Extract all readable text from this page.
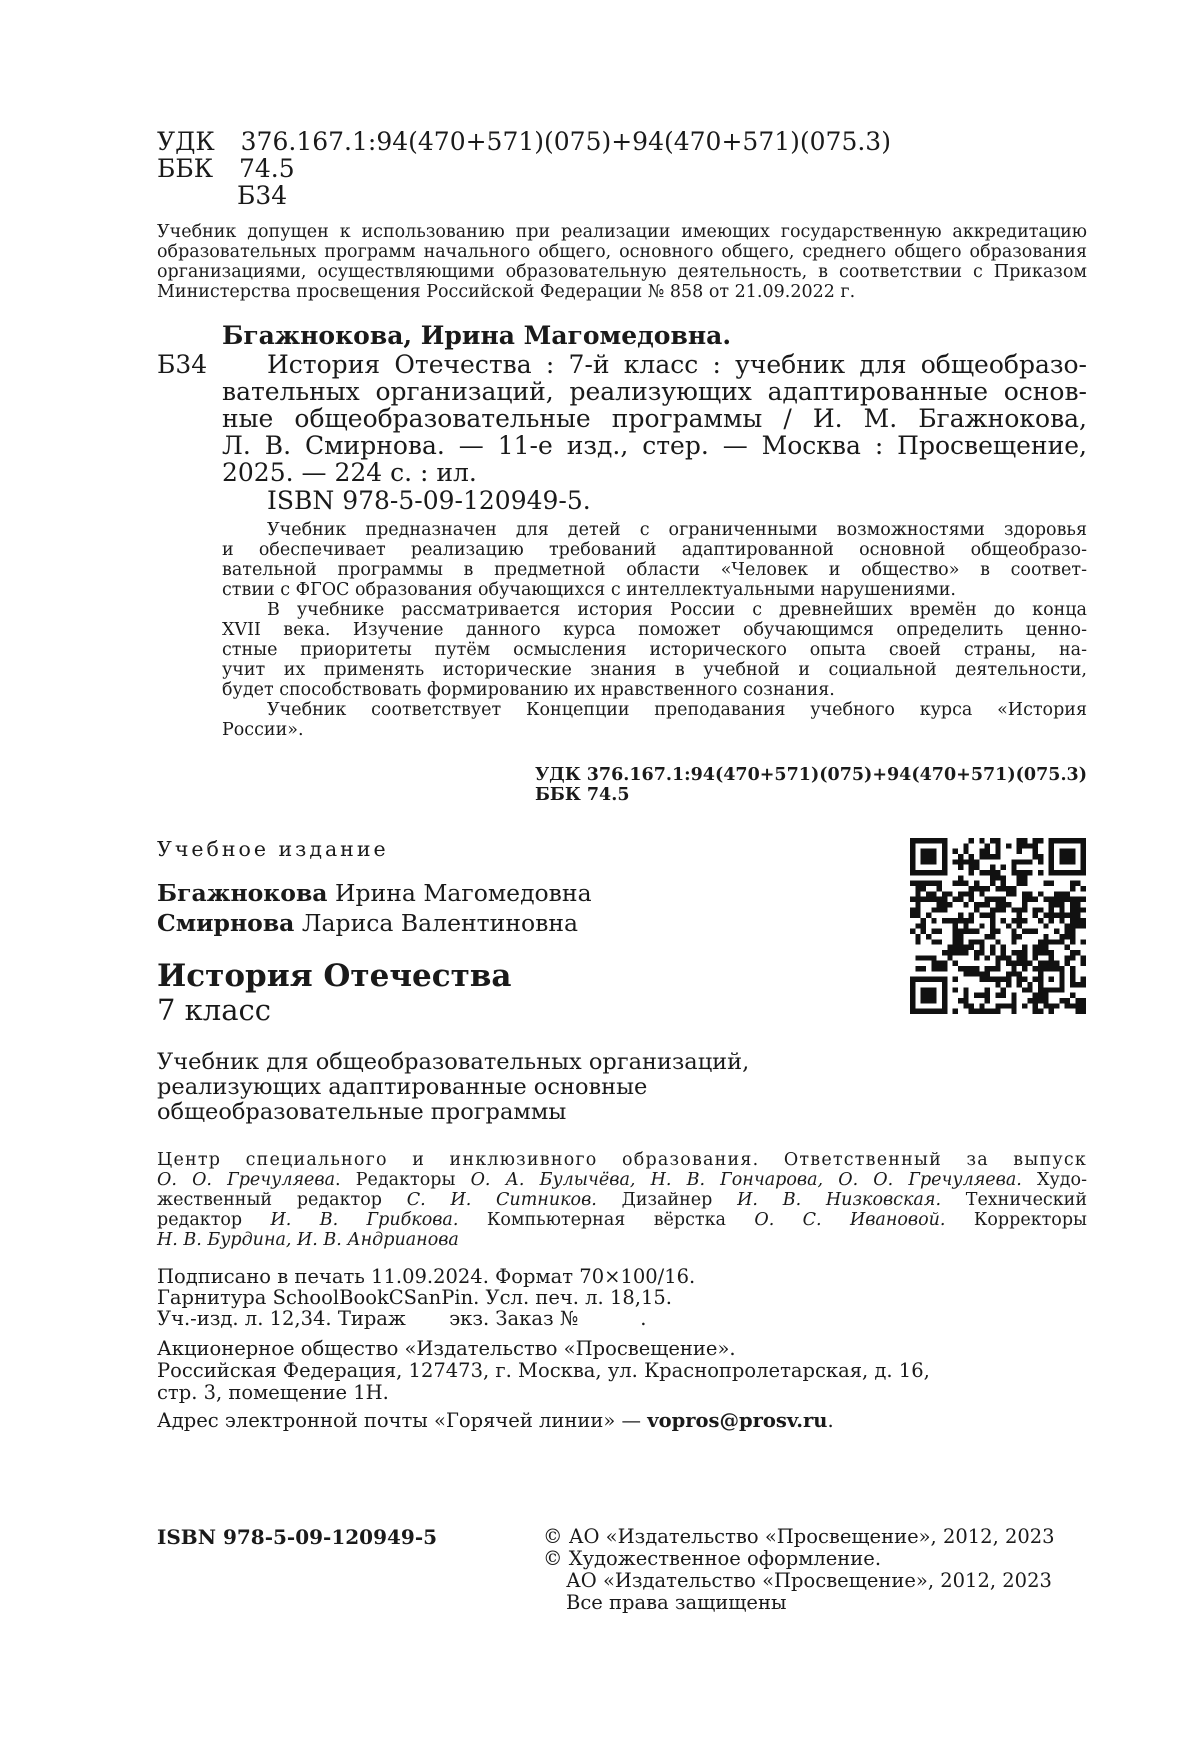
УДК 376.167.1:94(470+571)(075)+94(470+571)(075.3)
ББК 74.5
Б34
Учебник допущен к использованию при реализации имеющих государственную аккредитацию
образовательных программ начального общего, основного общего, среднего общего образования
организациями, осуществляющими образовательную деятельность, в соответствии с Приказом
Министерства просвещения Российской Федерации № 858 от 21.09.2022 г.
Бгажнокова, Ирина Магомедовна.
Б34	История Отечества : 7-й класс : учебник для общеобразо-
вательных организаций, реализующих адаптированные основ-
ные общеобразовательные программы / И. М. Бгажнокова,
Л. В. Смирнова. — 11-е изд., стер. — Москва : Просвещение,
2025. — 224 с. : ил.
ISBN 978-5-09-120949-5.
Учебник предназначен для детей с ограниченными возможностями здоровья
и обеспечивает реализацию требований адаптированной основной общеобразо-
вательной программы в предметной области «Человек и общество» в соответ-
ствии с ФГОС образования обучающихся с интеллектуальными нарушениями.
В учебнике рассматривается история России с древнейших времён до конца
XVII века. Изучение данного курса поможет обучающимся определить ценно-
стные приоритеты путём осмысления исторического опыта своей страны, на-
учит их применять исторические знания в учебной и социальной деятельности,
будет способствовать формированию их нравственного сознания.
Учебник соответствует Концепции преподавания учебного курса «История
России».
УДК 376.167.1:94(470+571)(075)+94(470+571)(075.3)
ББК 74.5
Учебное издание
Бгажнокова Ирина Магомедовна
Смирнова Лариса Валентиновна
История Отечества
7 класс
Учебник для общеобразовательных организаций,
реализующих адаптированные основные
общеобразовательные программы
Центр специального и инклюзивного образования. Ответственный за выпуск
О. О. Гречуляева. Редакторы О. А. Булычёва, Н. В. Гончарова, О. О. Гречуляева. Худо-
жественный редактор С. И. Ситников. Дизайнер И. В. Низковская. Технический
редактор И. В. Грибкова. Компьютерная вёрстка О. С. Ивановой. Корректоры
Н. В. Бурдина, И. В. Андрианова
Подписано в печать 11.09.2024. Формат 70×100/16.
Гарнитура SchoolBookCSanPin. Усл. печ. л. 18,15.
Уч.-изд. л. 12,34. Тираж       экз. Заказ №          .
Акционерное общество «Издательство «Просвещение».
Российская Федерация, 127473, г. Москва, ул. Краснопролетарская, д. 16,
стр. 3, помещение 1Н.
Адрес электронной почты «Горячей линии» — vopros@prosv.ru.
ISBN 978-5-09-120949-5	© АО «Издательство «Просвещение», 2012, 2023
© Художественное оформление.
АО «Издательство «Просвещение», 2012, 2023
Все права защищены
